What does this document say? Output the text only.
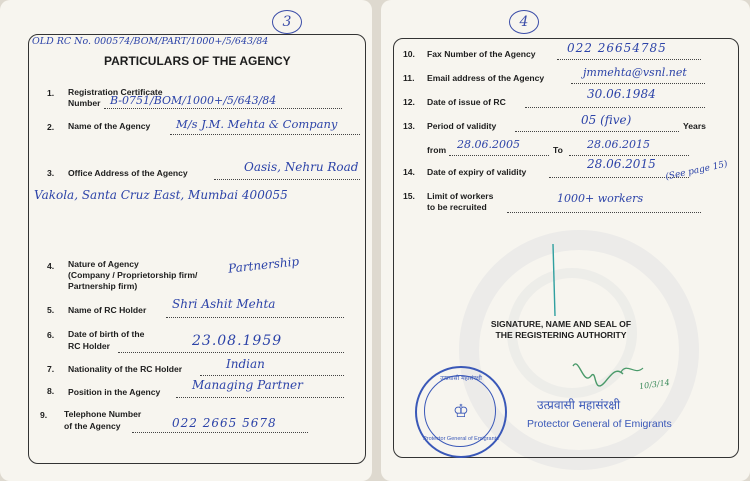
3
OLD RC No. 000574/BOM/PART/1000+/5/643/84
PARTICULARS OF THE AGENCY
1. Registration Certificate
Number B-0751/BOM/1000+/5/643/84
2. Name of the Agency M/s J.M. Mehta & Company
3. Office Address of the Agency	Oasis, Nehru Road
Vakola, Santa Cruz East, Mumbai 400055
4. Nature of Agency
(Company / Proprietorship firm/
Partnership firm)
Partnership
5. Name of RC Holder Shri Ashit Mehta
6. Date of birth of the
RC Holder	23.08.1959
7. Nationality of the RC Holder	Indian
8. Position in the Agency	Managing Partner
9. Telephone Number
of the Agency	022 2665 5678
4
10. Fax Number of the Agency	022 26654785
11. Email address of the Agency	jmmehta@vsnl.net
12. Date of issue of RC
30.06.1984
13. Period of validity	05 (five)	Years
from 28.06.2005	To 28.06.2015
14. Date of expiry of validity
28.06.2015 (See page 15)
15. Limit of workers
to be recruited
1000+ workers
SIGNATURE, NAME AND SEAL OF
THE REGISTERING AUTHORITY
10/3/14
उत्प्रवासी महासंरक्षी
Protector General of Emigrants
उत्प्रवासी महासंरक्षी
♔
Protector General of Emigrants
